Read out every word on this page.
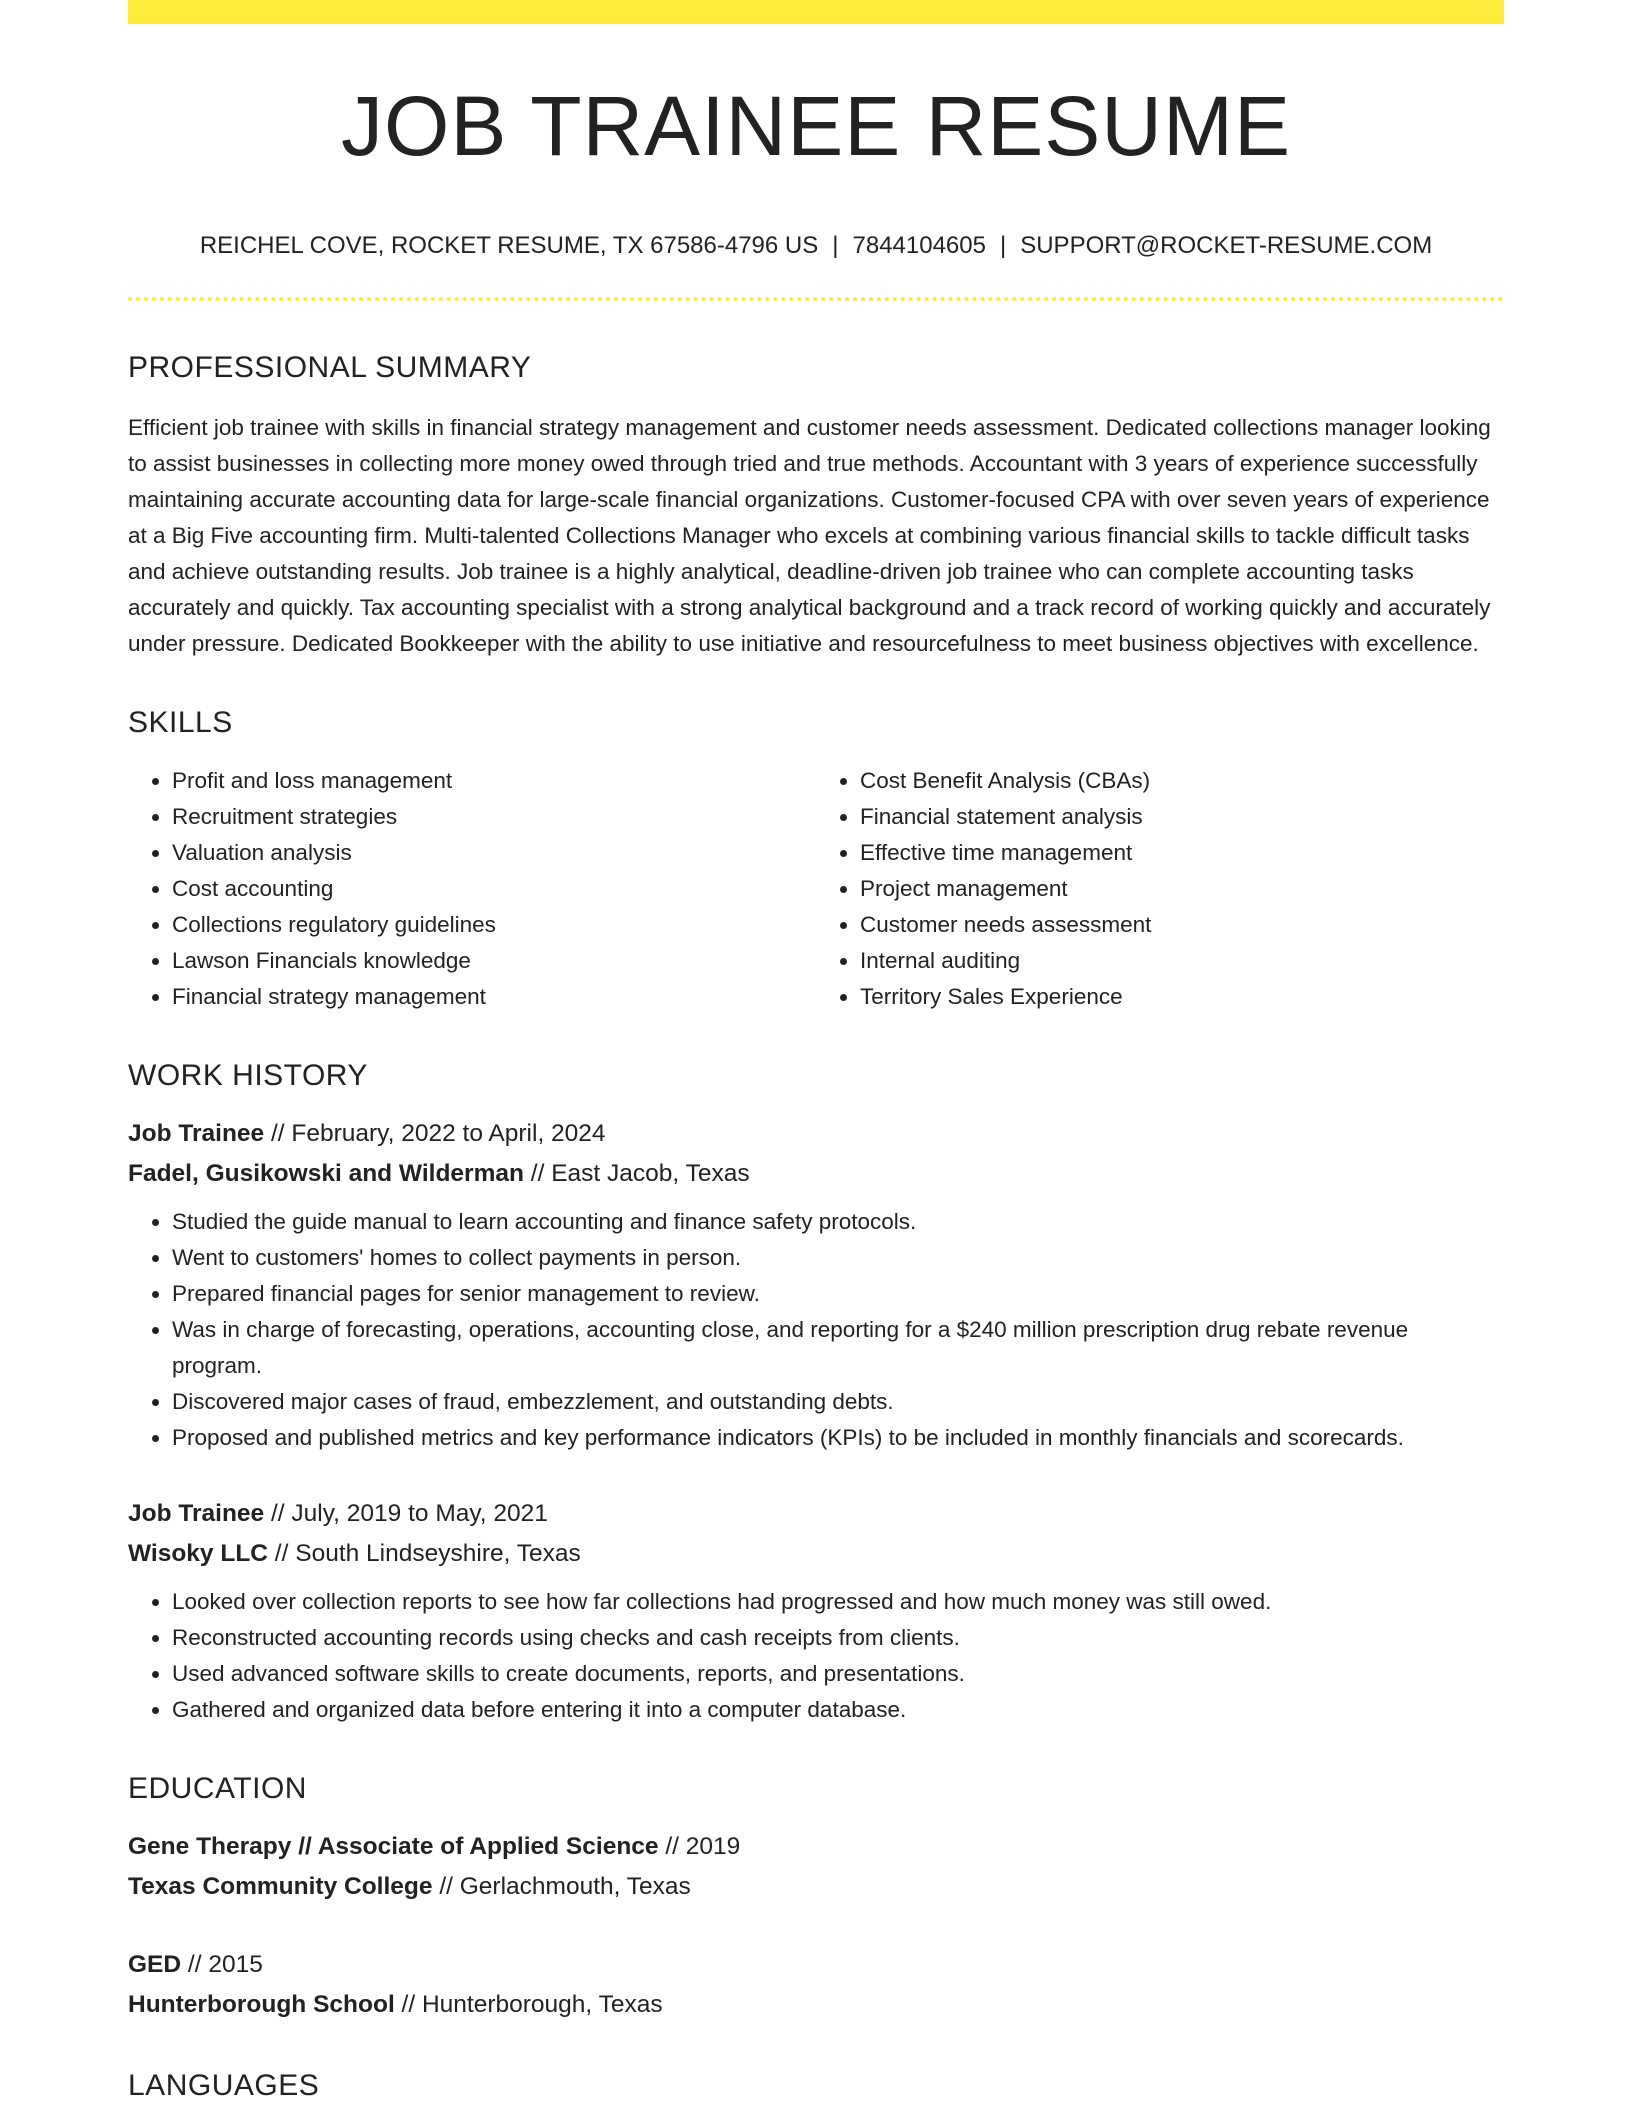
JOB TRAINEE RESUME
REICHEL COVE, ROCKET RESUME, TX 67586-4796 US | 7844104605 | SUPPORT@ROCKET-RESUME.COM
PROFESSIONAL SUMMARY

Efficient job trainee with skills in financial strategy management and customer needs assessment. Dedicated collections manager looking to assist businesses in collecting more money owed through tried and true methods. Accountant with 3 years of experience successfully maintaining accurate accounting data for large-scale financial organizations. Customer-focused CPA with over seven years of experience at a Big Five accounting firm. Multi-talented Collections Manager who excels at combining various financial skills to tackle difficult tasks and achieve outstanding results. Job trainee is a highly analytical, deadline-driven job trainee who can complete accounting tasks accurately and quickly. Tax accounting specialist with a strong analytical background and a track record of working quickly and accurately under pressure. Dedicated Bookkeeper with the ability to use initiative and resourcefulness to meet business objectives with excellence.

SKILLS
• Profit and loss management
• Recruitment strategies
• Valuation analysis
• Cost accounting
• Collections regulatory guidelines
• Lawson Financials knowledge
• Financial strategy management
• Cost Benefit Analysis (CBAs)
• Financial statement analysis
• Effective time management
• Project management
• Customer needs assessment
• Internal auditing
• Territory Sales Experience
WORK HISTORY
Job Trainee // February, 2022 to April, 2024
Fadel, Gusikowski and Wilderman // East Jacob, Texas
• Studied the guide manual to learn accounting and finance safety protocols.
• Went to customers' homes to collect payments in person.
• Prepared financial pages for senior management to review.
• Was in charge of forecasting, operations, accounting close, and reporting for a $240 million prescription drug rebate revenue program.
• Discovered major cases of fraud, embezzlement, and outstanding debts.
• Proposed and published metrics and key performance indicators (KPIs) to be included in monthly financials and scorecards.
Job Trainee // July, 2019 to May, 2021
Wisoky LLC // South Lindseyshire, Texas
• Looked over collection reports to see how far collections had progressed and how much money was still owed.
• Reconstructed accounting records using checks and cash receipts from clients.
• Used advanced software skills to create documents, reports, and presentations.
• Gathered and organized data before entering it into a computer database.
EDUCATION
Gene Therapy // Associate of Applied Science // 2019
Texas Community College // Gerlachmouth, Texas
GED // 2015
Hunterborough School // Hunterborough, Texas
LANGUAGES
